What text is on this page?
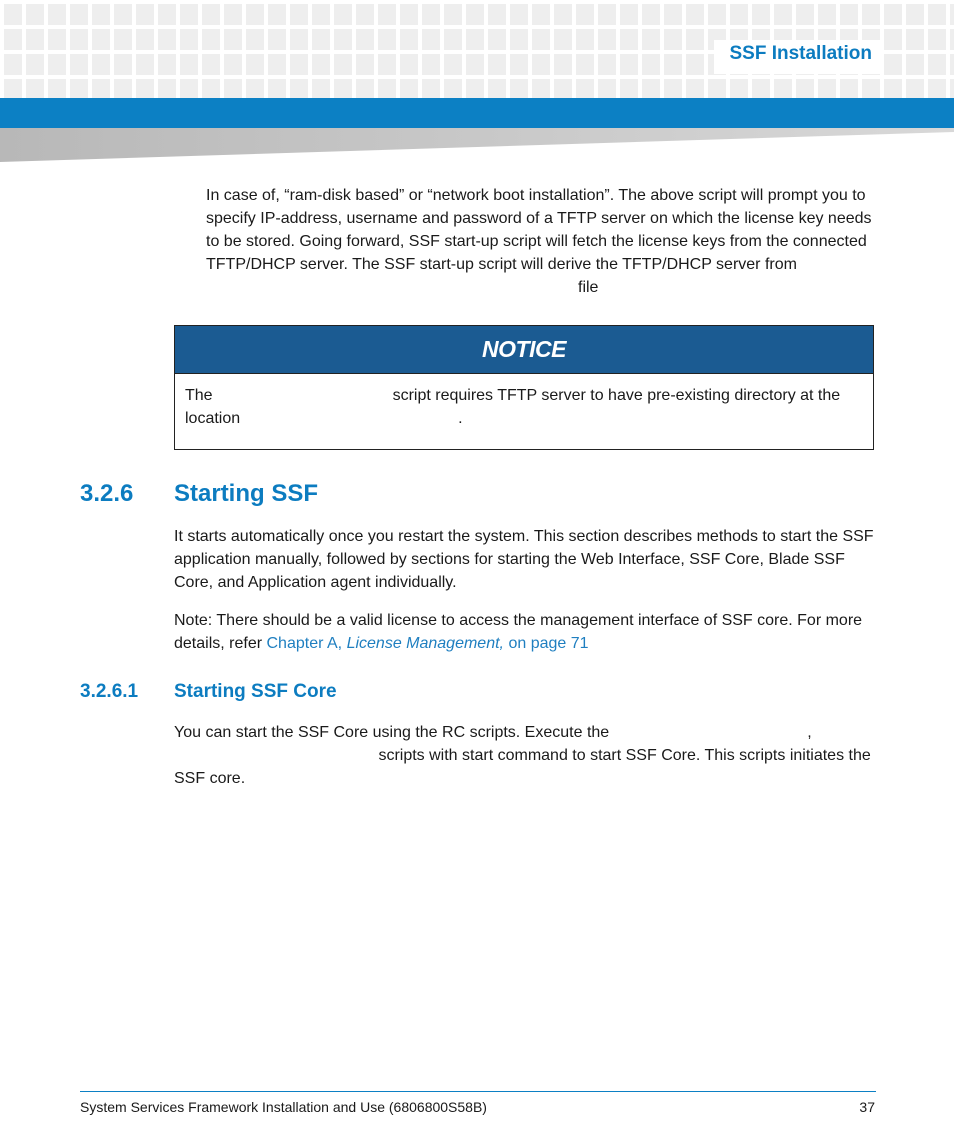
SSF Installation
In case of, “ram-disk based” or “network boot installation”. The above script will prompt you to specify IP-address, username and password of a TFTP server on which the license key needs to be stored. Going forward, SSF start-up script will fetch the license keys from the connected TFTP/DHCP server. The SSF start-up script will derive the TFTP/DHCP server fromfile
NOTICE
The	script requires TFTP server to have pre-existing directory at the location	.
3.2.6 Starting SSF
It starts automatically once you restart the system. This section describes methods to start the SSF application manually, followed by sections for starting the Web Interface, SSF Core, Blade SSF Core, and Application agent individually.
Note: There should be a valid license to access the management interface of SSF core. For more details, refer Chapter A, License Management, on page 71
3.2.6.1 Starting SSF Core
You can start the SSF Core using the RC scripts. Execute the	, scripts with start command to start SSF Core. This scripts initiates the SSF core.
System Services Framework Installation and Use (6806800S58B)	37
